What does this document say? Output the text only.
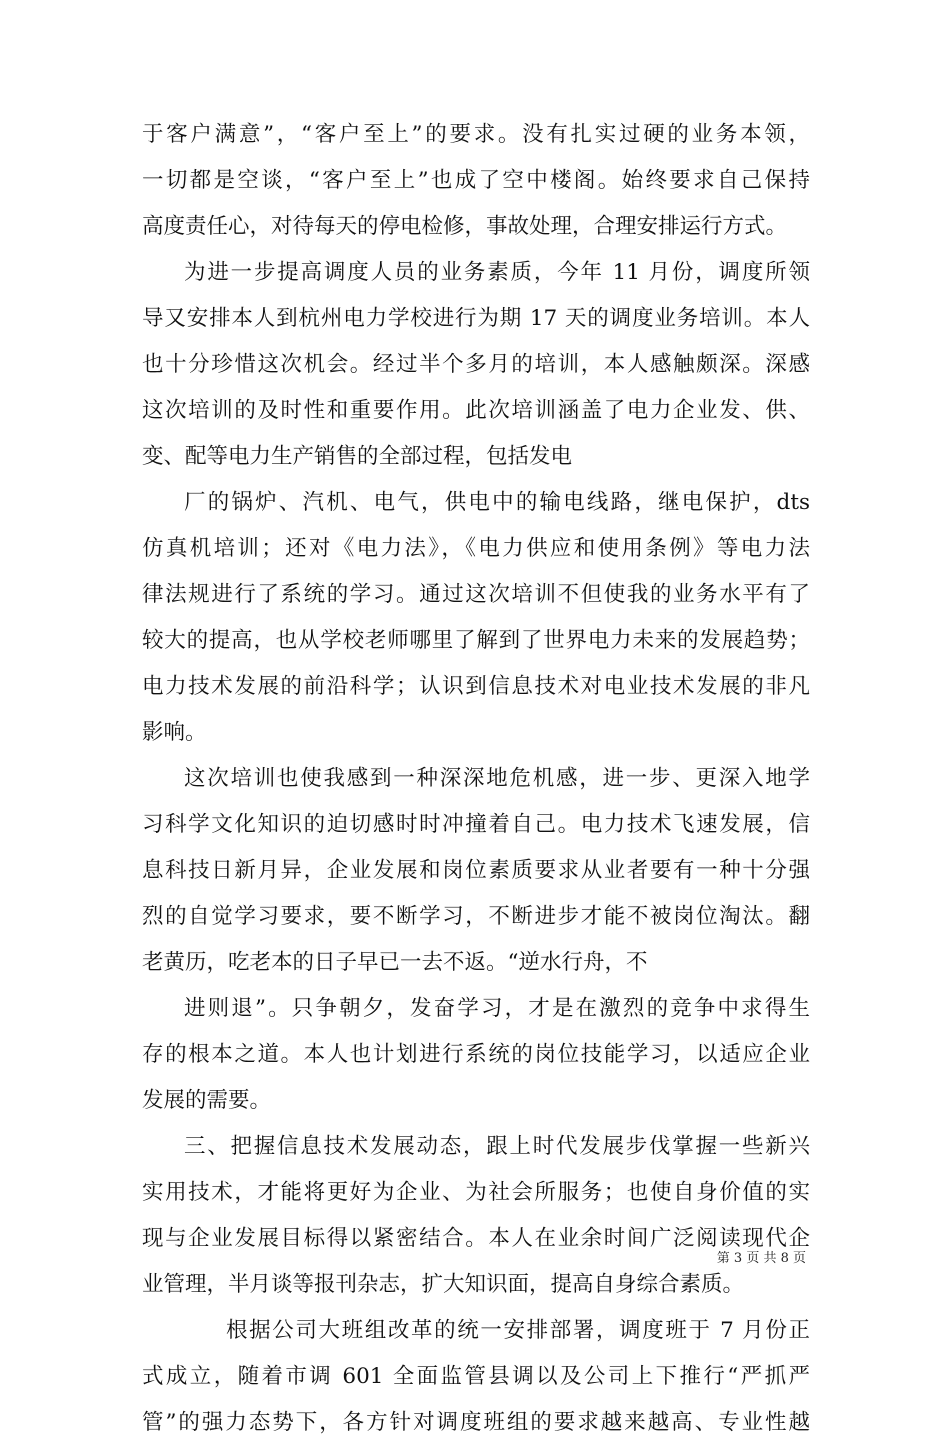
于客户满意”，“客户至上”的要求。没有扎实过硬的业务本领，
一切都是空谈，“客户至上”也成了空中楼阁。始终要求自己保持
高度责任心，对待每天的停电检修，事故处理，合理安排运行方式。
为进一步提高调度人员的业务素质，今年 11 月份，调度所领
导又安排本人到杭州电力学校进行为期 17 天的调度业务培训。本人
也十分珍惜这次机会。经过半个多月的培训，本人感触颇深。深感
这次培训的及时性和重要作用。此次培训涵盖了电力企业发、供、
变、配等电力生产销售的全部过程，包括发电
厂的锅炉、汽机、电气，供电中的输电线路，继电保护，dts
仿真机培训；还对《电力法》，《电力供应和使用条例》等电力法
律法规进行了系统的学习。通过这次培训不但使我的业务水平有了
较大的提高，也从学校老师哪里了解到了世界电力未来的发展趋势；
电力技术发展的前沿科学；认识到信息技术对电业技术发展的非凡
影响。
这次培训也使我感到一种深深地危机感，进一步、更深入地学
习科学文化知识的迫切感时时冲撞着自己。电力技术飞速发展，信
息科技日新月异，企业发展和岗位素质要求从业者要有一种十分强
烈的自觉学习要求，要不断学习，不断进步才能不被岗位淘汰。翻
老黄历，吃老本的日子早已一去不返。“逆水行舟，不
进则退”。只争朝夕，发奋学习，才是在激烈的竞争中求得生
存的根本之道。本人也计划进行系统的岗位技能学习，以适应企业
发展的需要。
三、把握信息技术发展动态，跟上时代发展步伐掌握一些新兴
实用技术，才能将更好为企业、为社会所服务；也使自身价值的实
现与企业发展目标得以紧密结合。本人在业余时间广泛阅读现代企
业管理，半月谈等报刊杂志，扩大知识面，提高自身综合素质。
根据公司大班组改革的统一安排部署，调度班于 7 月份正
式成立，随着市调 601 全面监管县调以及公司上下推行“严抓严
管”的强力态势下，各方针对调度班组的要求越来越高、专业性越
第 3 页 共 8 页
